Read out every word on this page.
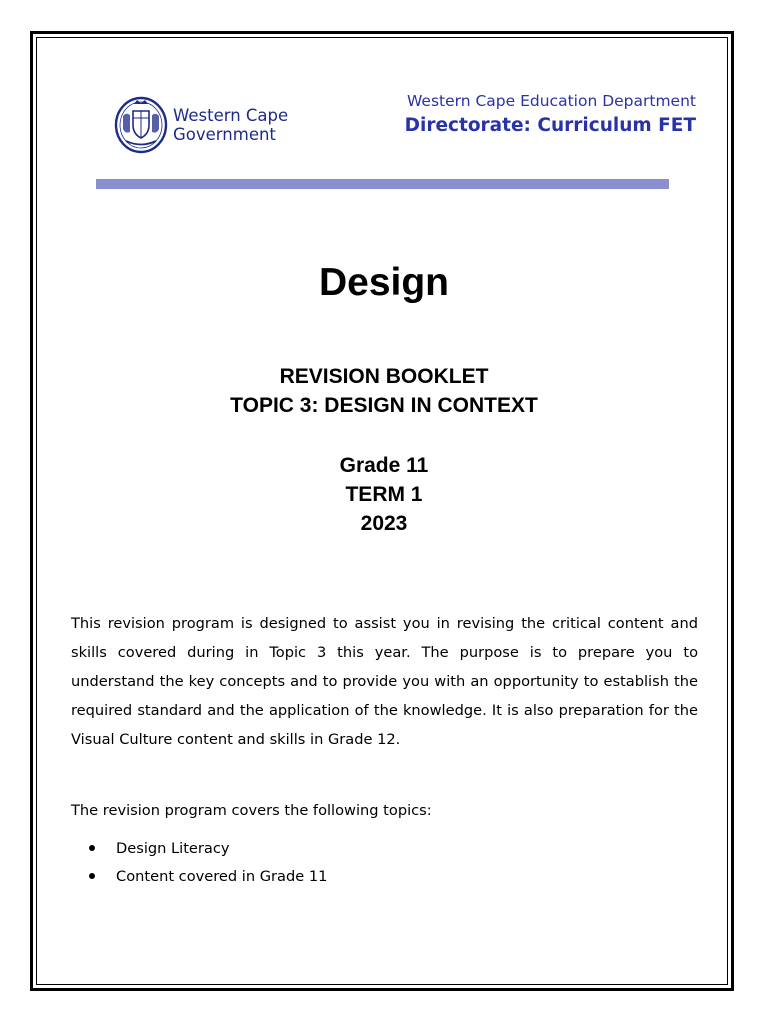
Western Cape
Government
Western Cape Education Department
Directorate: Curriculum FET
Design
REVISION BOOKLET
TOPIC 3: DESIGN IN CONTEXT
Grade 11
TERM 1
2023

This revision program is designed to assist you in revising the critical content and skills covered during in Topic 3 this year. The purpose is to prepare you to understand the key concepts and to provide you with an opportunity to establish the required standard and the application of the knowledge. It is also preparation for the Visual Culture content and skills in Grade 12.

The revision program covers the following topics:

Design Literacy
Content covered in Grade 11
